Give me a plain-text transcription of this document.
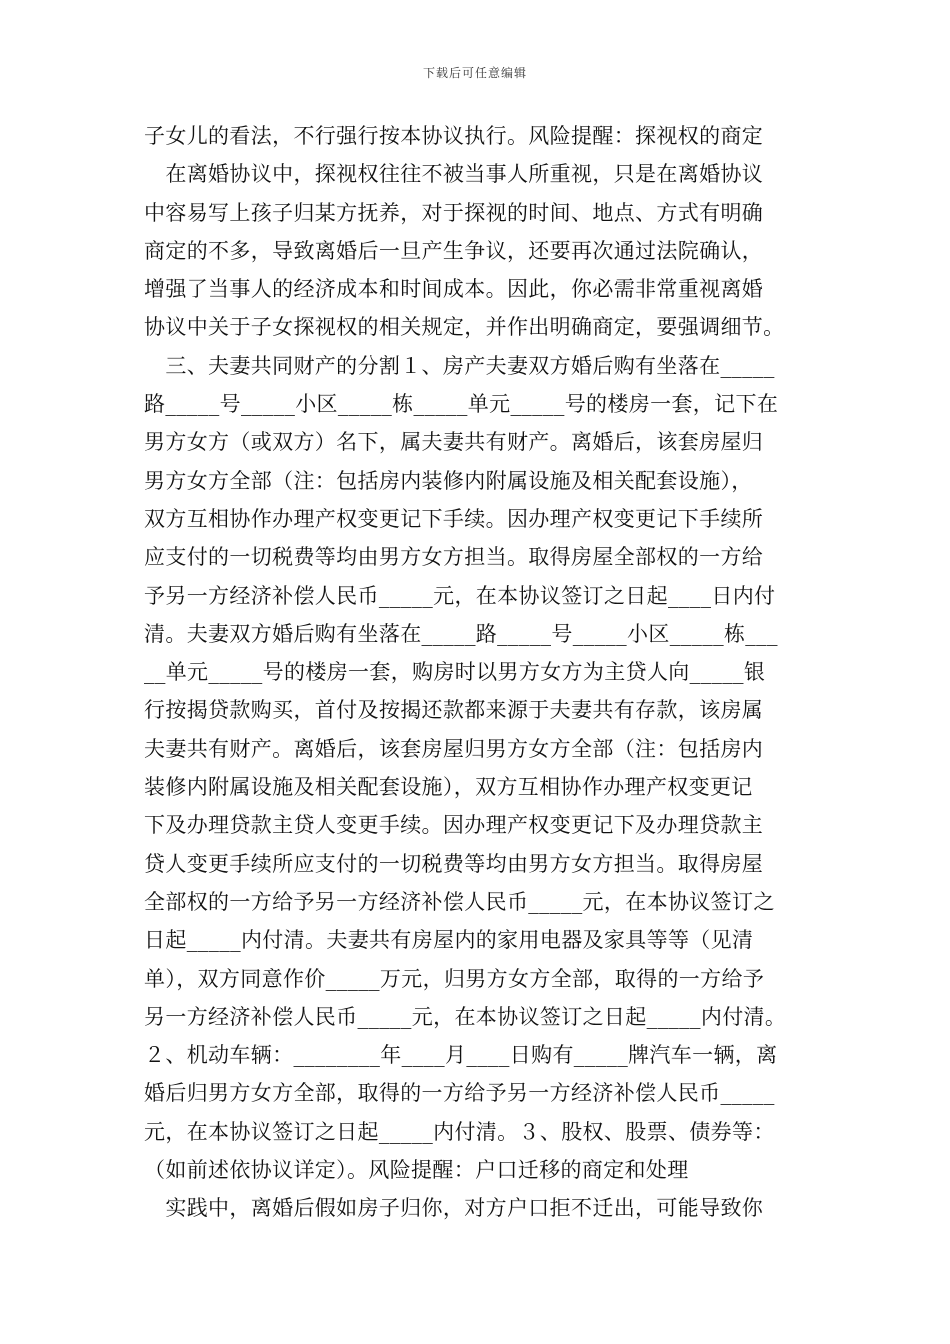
下载后可任意编辑
子女儿的看法，不行强行按本协议执行。风险提醒：探视权的商定
　在离婚协议中，探视权往往不被当事人所重视，只是在离婚协议
中容易写上孩子归某方抚养，对于探视的时间、地点、方式有明确
商定的不多，导致离婚后一旦产生争议，还要再次通过法院确认，
增强了当事人的经济成本和时间成本。因此，你必需非常重视离婚
协议中关于子女探视权的相关规定，并作出明确商定，要强调细节。
　三、夫妻共同财产的分割１、房产夫妻双方婚后购有坐落在_____
路_____号_____小区_____栋_____单元_____号的楼房一套，记下在
男方女方（或双方）名下，属夫妻共有财产。离婚后，该套房屋归
男方女方全部（注：包括房内装修内附属设施及相关配套设施），
双方互相协作办理产权变更记下手续。因办理产权变更记下手续所
应支付的一切税费等均由男方女方担当。取得房屋全部权的一方给
予另一方经济补偿人民币_____元，在本协议签订之日起____日内付
清。夫妻双方婚后购有坐落在_____路_____号_____小区_____栋___
__单元_____号的楼房一套，购房时以男方女方为主贷人向_____银
行按揭贷款购买，首付及按揭还款都来源于夫妻共有存款，该房属
夫妻共有财产。离婚后，该套房屋归男方女方全部（注：包括房内
装修内附属设施及相关配套设施），双方互相协作办理产权变更记
下及办理贷款主贷人变更手续。因办理产权变更记下及办理贷款主
贷人变更手续所应支付的一切税费等均由男方女方担当。取得房屋
全部权的一方给予另一方经济补偿人民币_____元，在本协议签订之
日起_____内付清。夫妻共有房屋内的家用电器及家具等等（见清
单），双方同意作价_____万元，归男方女方全部，取得的一方给予
另一方经济补偿人民币_____元，在本协议签订之日起_____内付清。
２、机动车辆：________年____月____日购有_____牌汽车一辆，离
婚后归男方女方全部，取得的一方给予另一方经济补偿人民币_____
元，在本协议签订之日起_____内付清。３、股权、股票、债券等：
（如前述依协议详定）。风险提醒：户口迁移的商定和处理
　实践中，离婚后假如房子归你，对方户口拒不迁出，可能导致你
